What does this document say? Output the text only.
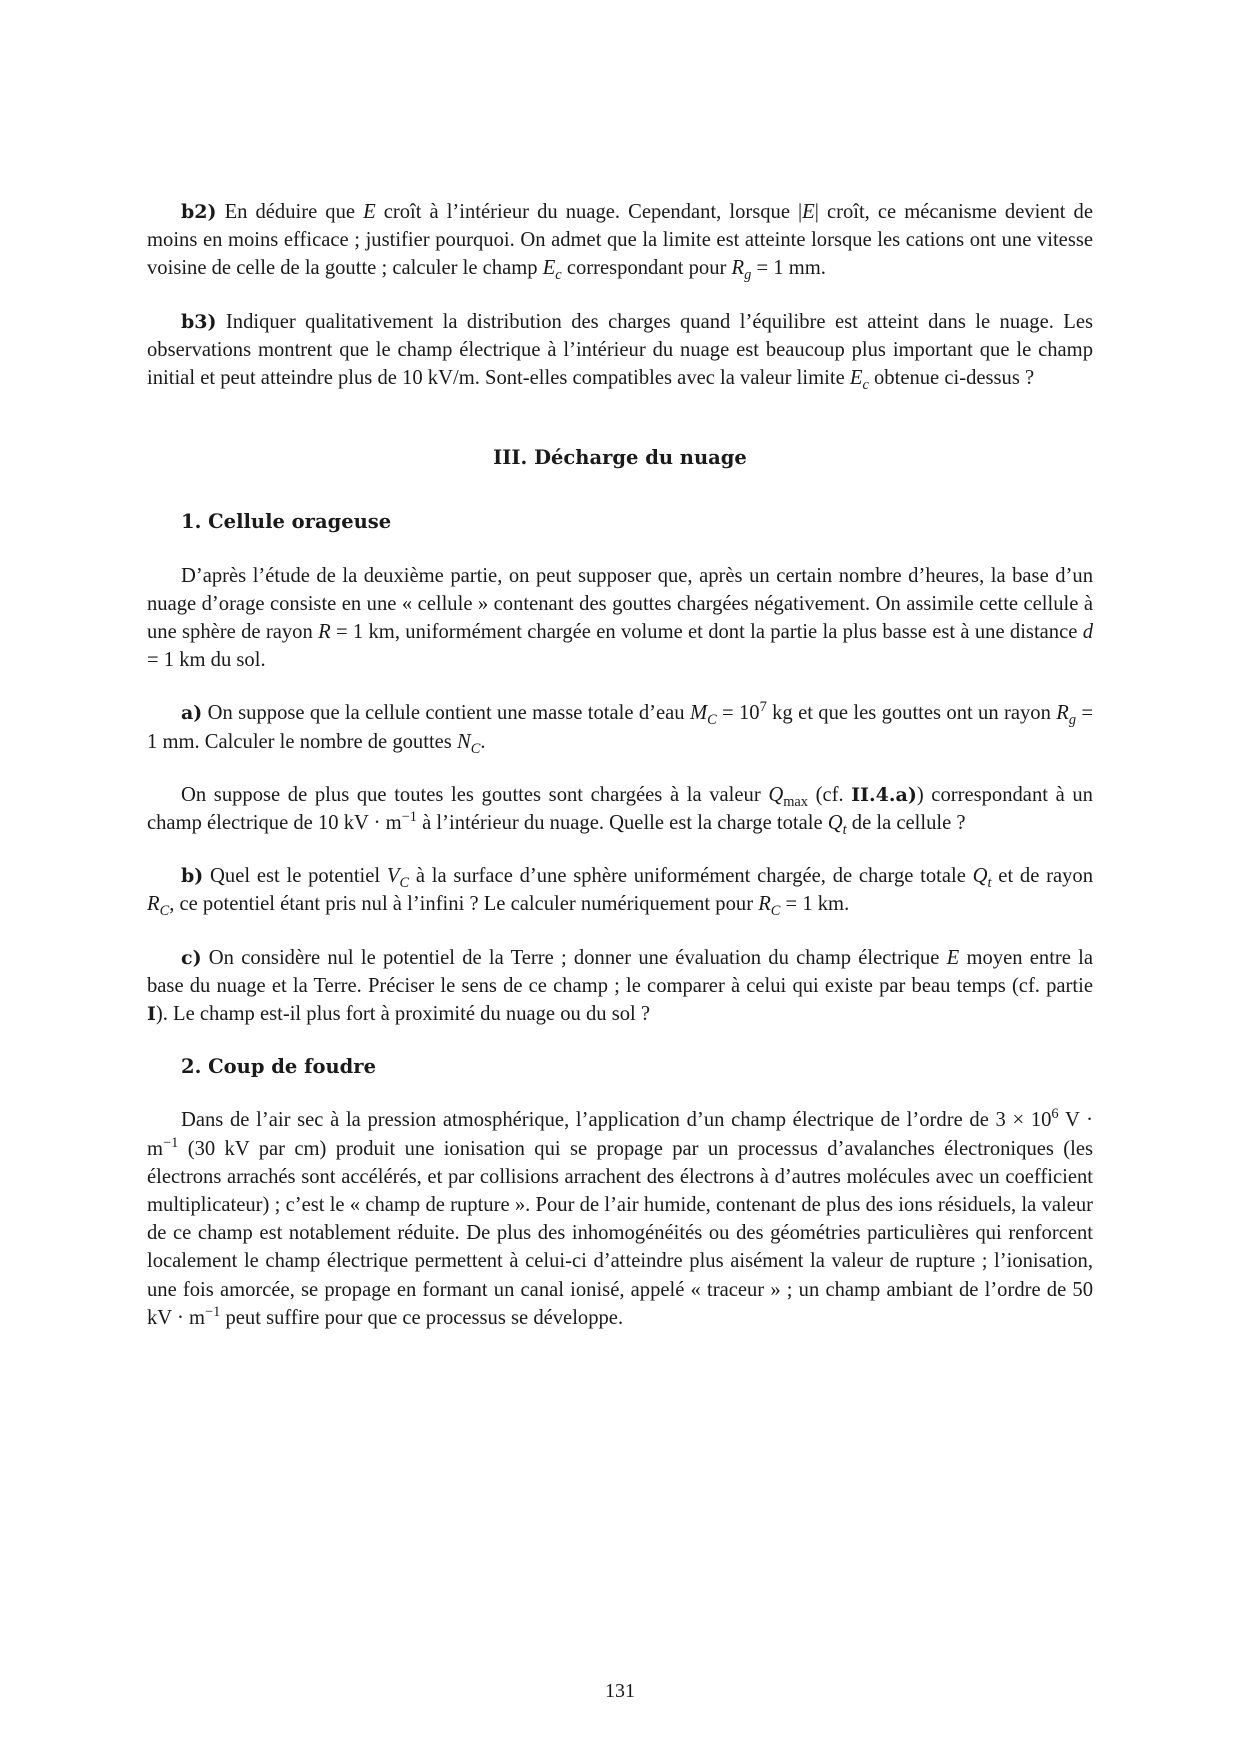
b2) En déduire que E croît à l’intérieur du nuage. Cependant, lorsque |E| croît, ce mécanisme devient de moins en moins efficace ; justifier pourquoi. On admet que la limite est atteinte lorsque les cations ont une vitesse voisine de celle de la goutte ; calculer le champ $E_c$ correspondant pour $R_g = 1$ mm.

b3) Indiquer qualitativement la distribution des charges quand l’équilibre est atteint dans le nuage. Les observations montrent que le champ électrique à l’intérieur du nuage est beaucoup plus important que le champ initial et peut atteindre plus de 10 kV/m. Sont-elles compatibles avec la valeur limite $E_c$ obtenue ci-dessus ?

III. Décharge du nuage
1. Cellule orageuse

D’après l’étude de la deuxième partie, on peut supposer que, après un certain nombre d’heures, la base d’un nuage d’orage consiste en une « cellule » contenant des gouttes chargées négativement. On assimile cette cellule à une sphère de rayon R = 1 km, uniformément chargée en volume et dont la partie la plus basse est à une distance d = 1 km du sol.

a) On suppose que la cellule contient une masse totale d’eau $M_C = 10^7$ kg et que les gouttes ont un rayon $R_g = 1$ mm. Calculer le nombre de gouttes $N_C$.

On suppose de plus que toutes les gouttes sont chargées à la valeur $Q_{max}$ (cf. II.4.a)) correspondant à un champ électrique de 10 kV · $m^{-1}$ à l’intérieur du nuage. Quelle est la charge totale $Q_t$ de la cellule ?

b) Quel est le potentiel $V_C$ à la surface d’une sphère uniformément chargée, de charge totale $Q_t$ et de rayon $R_C$, ce potentiel étant pris nul à l’infini ? Le calculer numériquement pour $R_C = 1$ km.

c) On considère nul le potentiel de la Terre ; donner une évaluation du champ électrique E moyen entre la base du nuage et la Terre. Préciser le sens de ce champ ; le comparer à celui qui existe par beau temps (cf. partie I). Le champ est-il plus fort à proximité du nuage ou du sol ?

2. Coup de foudre

Dans de l’air sec à la pression atmosphérique, l’application d’un champ électrique de l’ordre de $3 \times 10^6$ $V \cdot m^{-1}$ (30 kV par cm) produit une ionisation qui se propage par un processus d’avalanches électroniques (les électrons arrachés sont accélérés, et par collisions arrachent des électrons à d’autres molécules avec un coefficient multiplicateur) ; c’est le « champ de rupture ». Pour de l’air humide, contenant de plus des ions résiduels, la valeur de ce champ est notablement réduite. De plus des inhomogénéités ou des géométries particulières qui renforcent localement le champ électrique permettent à celui-ci d’atteindre plus aisément la valeur de rupture ; l’ionisation, une fois amorcée, se propage en formant un canal ionisé, appelé « traceur » ; un champ ambiant de l’ordre de 50 kV · $m^{-1}$ peut suffire pour que ce processus se développe.

131
